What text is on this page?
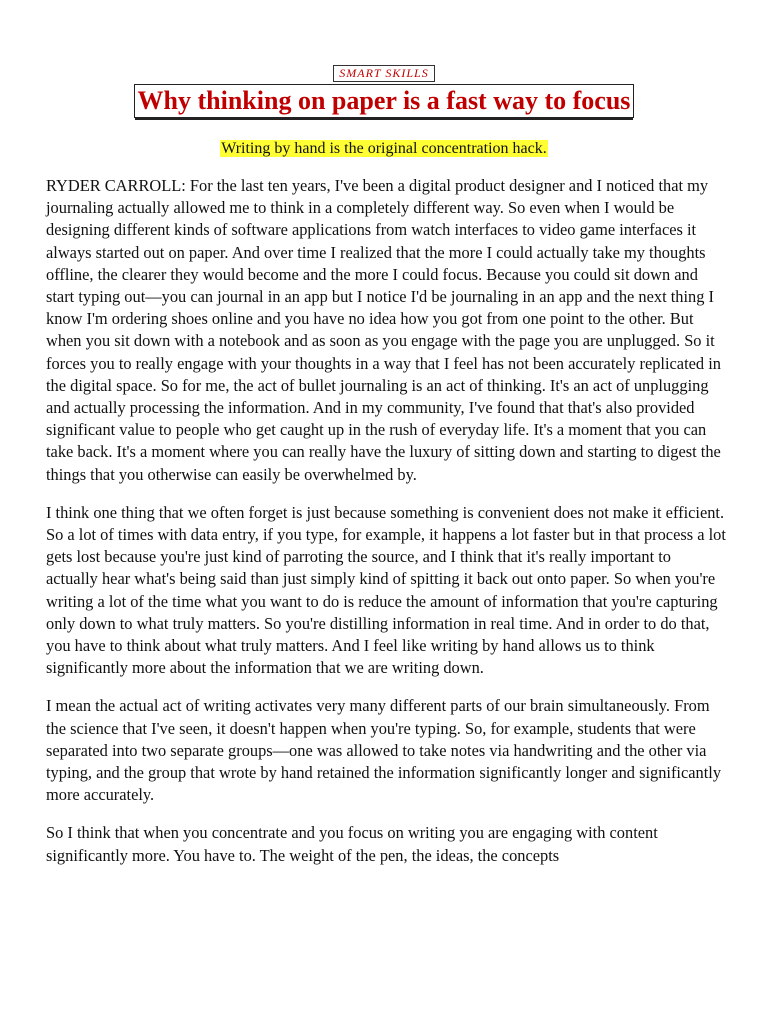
SMART SKILLS
Why thinking on paper is a fast way to focus
Writing by hand is the original concentration hack.

RYDER CARROLL: For the last ten years, I've been a digital product designer and I noticed that my journaling actually allowed me to think in a completely different way. So even when I would be designing different kinds of software applications from watch interfaces to video game interfaces it always started out on paper. And over time I realized that the more I could actually take my thoughts offline, the clearer they would become and the more I could focus. Because you could sit down and start typing out—you can journal in an app but I notice I'd be journaling in an app and the next thing I know I'm ordering shoes online and you have no idea how you got from one point to the other. But when you sit down with a notebook and as soon as you engage with the page you are unplugged. So it forces you to really engage with your thoughts in a way that I feel has not been accurately replicated in the digital space. So for me, the act of bullet journaling is an act of thinking. It's an act of unplugging and actually processing the information. And in my community, I've found that that's also provided significant value to people who get caught up in the rush of everyday life. It's a moment that you can take back. It's a moment where you can really have the luxury of sitting down and starting to digest the things that you otherwise can easily be overwhelmed by.

I think one thing that we often forget is just because something is convenient does not make it efficient. So a lot of times with data entry, if you type, for example, it happens a lot faster but in that process a lot gets lost because you're just kind of parroting the source, and I think that it's really important to actually hear what's being said than just simply kind of spitting it back out onto paper. So when you're writing a lot of the time what you want to do is reduce the amount of information that you're capturing only down to what truly matters. So you're distilling information in real time. And in order to do that, you have to think about what truly matters. And I feel like writing by hand allows us to think significantly more about the information that we are writing down.

I mean the actual act of writing activates very many different parts of our brain simultaneously. From the science that I've seen, it doesn't happen when you're typing. So, for example, students that were separated into two separate groups—one was allowed to take notes via handwriting and the other via typing, and the group that wrote by hand retained the information significantly longer and significantly more accurately.

So I think that when you concentrate and you focus on writing you are engaging with content significantly more. You have to. The weight of the pen, the ideas, the concepts
